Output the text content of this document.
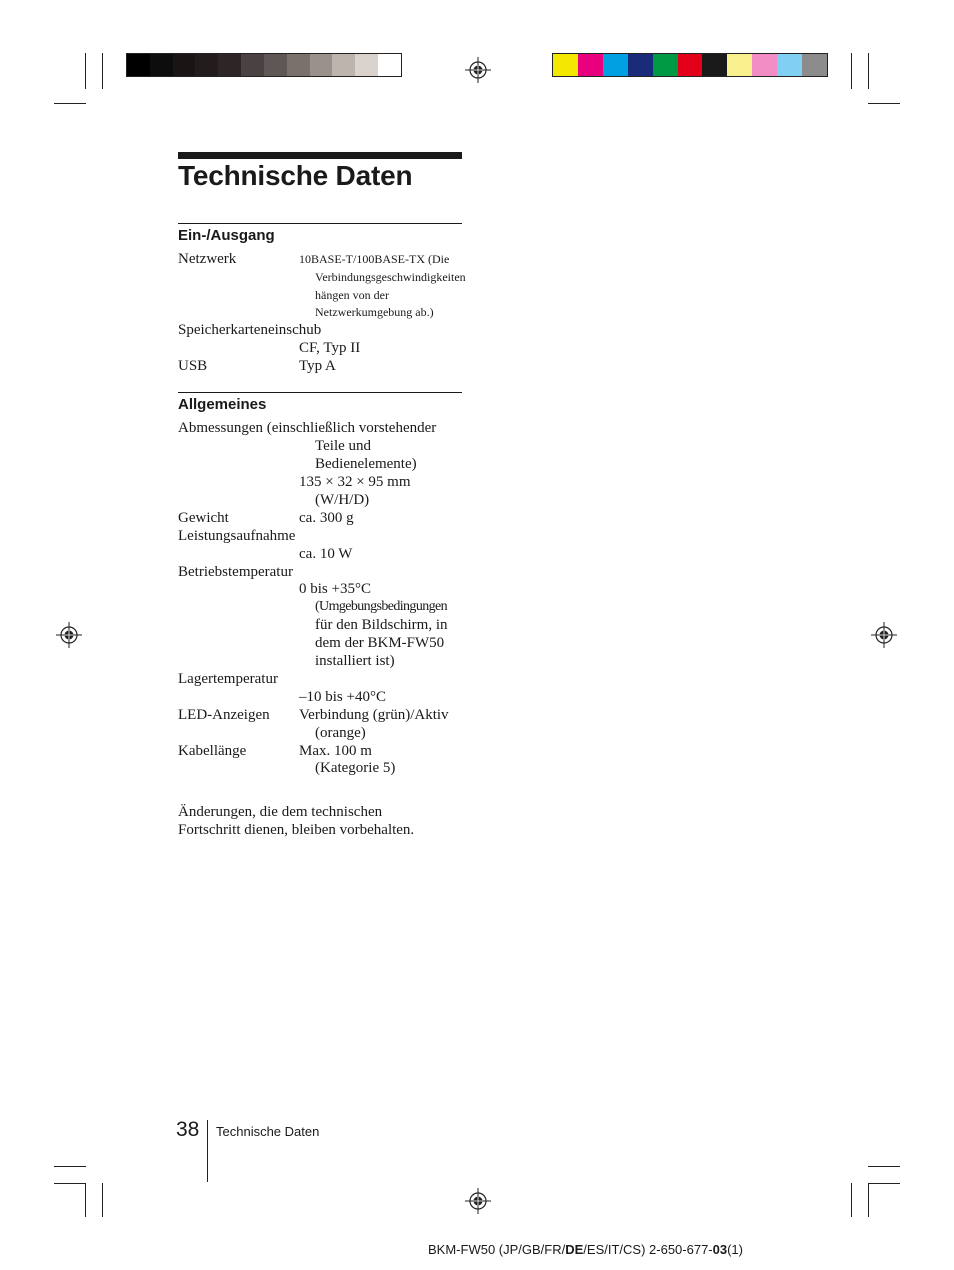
Technische Daten
Ein-/Ausgang
Netzwerk	10BASE-T/100BASE-TX (Die
Verbindungsgeschwindigkeiten
hängen von der
Netzwerkumgebung ab.)
Speicherkarteneinschub
CF, Typ II
USB	Typ A
Allgemeines
Abmessungen (einschließlich vorstehender
Teile und
Bedienelemente)
135 × 32 × 95 mm
(W/H/D)
Gewicht	ca. 300 g
Leistungsaufnahme
ca. 10 W
Betriebstemperatur
0 bis +35°C
(Umgebungsbedingungen
für den Bildschirm, in
dem der BKM-FW50
installiert ist)
Lagertemperatur
–10 bis +40°C
LED-Anzeigen Verbindung (grün)/Aktiv
(orange)
Kabellänge	Max. 100 m
(Kategorie 5)
Änderungen, die dem technischen
Fortschritt dienen, bleiben vorbehalten.
38 Technische Daten
BKM-FW50 (JP/GB/FR/DE/ES/IT/CS) 2-650-677-03(1)
